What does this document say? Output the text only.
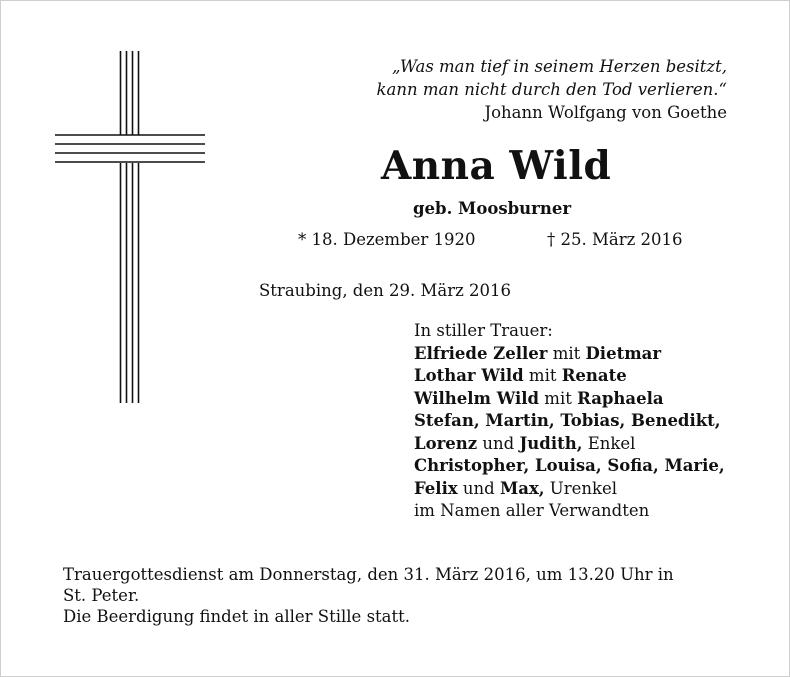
„Was man tief in seinem Herzen besitzt,
kann man nicht durch den Tod verlieren.“
Johann Wolfgang von Goethe
Anna Wild
geb. Moosburner
* 18. Dezember 1920	† 25. März 2016
Straubing, den 29. März 2016
In stiller Trauer:
Elfriede Zeller mit Dietmar
Lothar Wild mit Renate
Wilhelm Wild mit Raphaela
Stefan, Martin, Tobias, Benedikt,
Lorenz und Judith, Enkel
Christopher, Louisa, Sofia, Marie,
Felix und Max, Urenkel
im Namen aller Verwandten
Trauergottesdienst am Donnerstag, den 31. März 2016, um 13.20 Uhr in
St. Peter.
Die Beerdigung findet in aller Stille statt.
